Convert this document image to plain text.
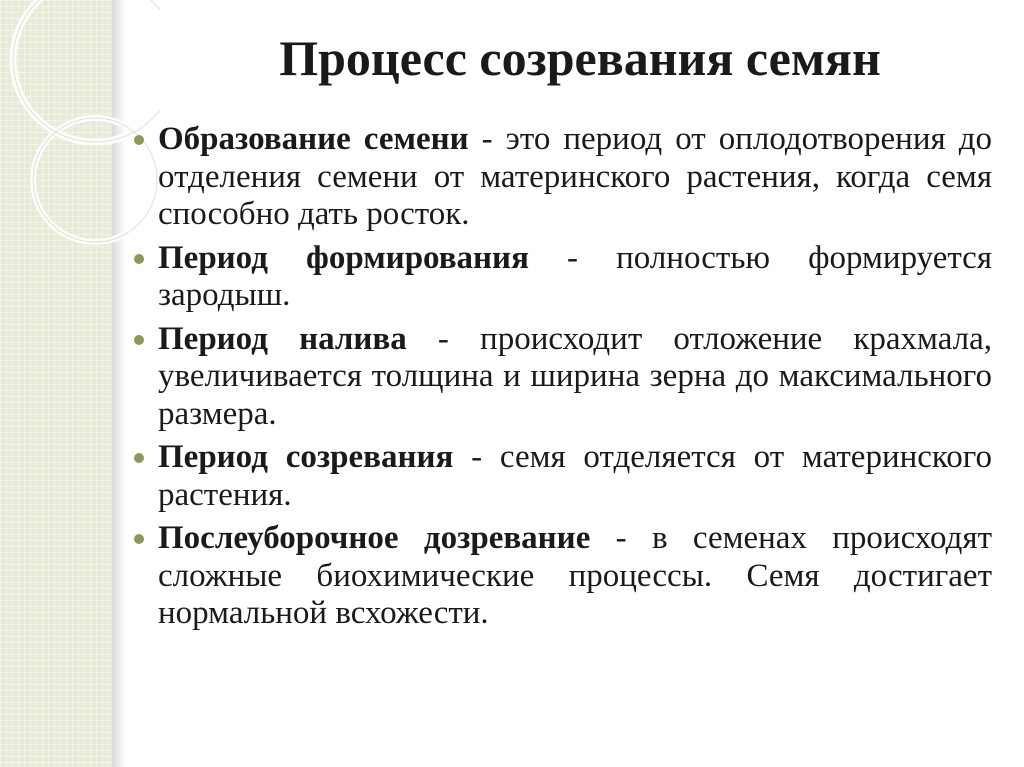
Процесс созревания семян
Образование семени - это период от оплодотворения до отделения семени от материнского растения, когда семя способно дать росток.
Период формирования - полностью формируется зародыш.
Период налива - происходит отложение крахмала, увеличивается толщина и ширина зерна до максимального размера.
Период созревания - семя отделяется от материнского растения.
Послеуборочное дозревание - в семенах происходят сложные биохимические процессы. Семя достигает нормальной всхожести.
